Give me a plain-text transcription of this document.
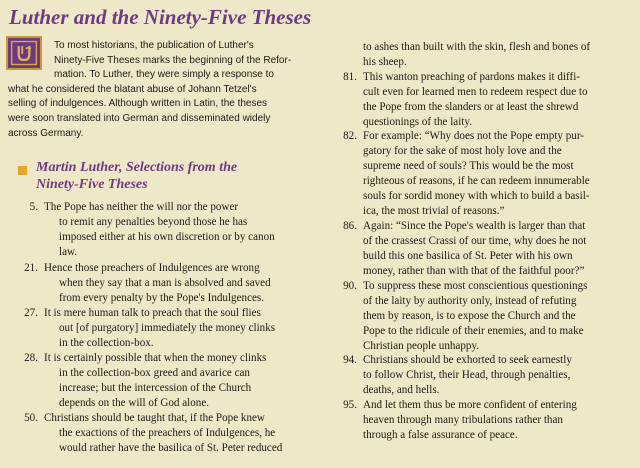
Luther and the Ninety-Five Theses
To most historians, the publication of Luther's
Ninety-Five Theses marks the beginning of the Refor-
mation. To Luther, they were simply a response to
what he considered the blatant abuse of Johann Tetzel's
selling of indulgences. Although written in Latin, the theses
were soon translated into German and disseminated widely
across Germany.
Martin Luther, Selections from the
Ninety-Five Theses
5. The Pope has neither the will nor the power
to remit any penalties beyond those he has
imposed either at his own discretion or by canon
law.
21. Hence those preachers of Indulgences are wrong
when they say that a man is absolved and saved
from every penalty by the Pope's Indulgences.
27. It is mere human talk to preach that the soul flies
out [of purgatory] immediately the money clinks
in the collection-box.
28. It is certainly possible that when the money clinks
in the collection-box greed and avarice can
increase; but the intercession of the Church
depends on the will of God alone.
50. Christians should be taught that, if the Pope knew
the exactions of the preachers of Indulgences, he
would rather have the basilica of St. Peter reduced
to ashes than built with the skin, flesh and bones of
his sheep.
81. This wanton preaching of pardons makes it diffi-
cult even for learned men to redeem respect due to
the Pope from the slanders or at least the shrewd
questionings of the laity.
82. For example: “Why does not the Pope empty pur-
gatory for the sake of most holy love and the
supreme need of souls? This would be the most
righteous of reasons, if he can redeem innumerable
souls for sordid money with which to build a basil-
ica, the most trivial of reasons.”
86. Again: “Since the Pope's wealth is larger than that
of the crassest Crassi of our time, why does he not
build this one basilica of St. Peter with his own
money, rather than with that of the faithful poor?”
90. To suppress these most conscientious questionings
of the laity by authority only, instead of refuting
them by reason, is to expose the Church and the
Pope to the ridicule of their enemies, and to make
Christian people unhappy.
94. Christians should be exhorted to seek earnestly
to follow Christ, their Head, through penalties,
deaths, and hells.
95. And let them thus be more confident of entering
heaven through many tribulations rather than
through a false assurance of peace.
